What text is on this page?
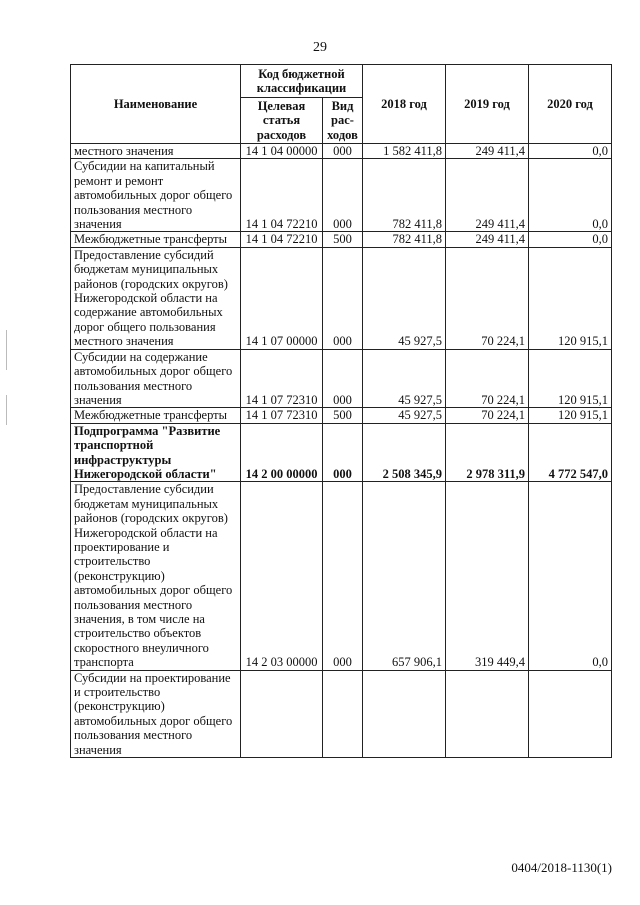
29
Наименование	Код бюджетной классификации		2018 год	2019 год	2020 год
	Целевая статья расходов	Вид рас- ходов			
местного значения	14 1 04 00000	000	1 582 411,8	249 411,4	0,0
Субсидии на капитальный ремонт и ремонт автомобильных дорог общего пользования местного значения	14 1 04 72210	000	782 411,8	249 411,4	0,0
Межбюджетные трансферты	14 1 04 72210	500	782 411,8	249 411,4	0,0
Предоставление субсидий бюджетам муниципальных районов (городских округов) Нижегородской области на содержание автомобильных дорог общего пользования местного значения	14 1 07 00000	000	45 927,5	70 224,1	120 915,1
Субсидии на содержание автомобильных дорог общего пользования местного значения	14 1 07 72310	000	45 927,5	70 224,1	120 915,1
Межбюджетные трансферты	14 1 07 72310	500	45 927,5	70 224,1	120 915,1
Подпрограмма "Развитие транспортной инфраструктуры Нижегородской области"	14 2 00 00000	000	2 508 345,9	2 978 311,9	4 772 547,0
Предоставление субсидии бюджетам муниципальных районов (городских округов) Нижегородской области на проектирование и строительство (реконструкцию) автомобильных дорог общего пользования местного значения, в том числе на строительство объектов скоростного внеуличного транспорта	14 2 03 00000	000	657 906,1	319 449,4	0,0
Субсидии на проектирование и строительство (реконструкцию) автомобильных дорог общего пользования местного значения					
0404/2018-1130(1)
